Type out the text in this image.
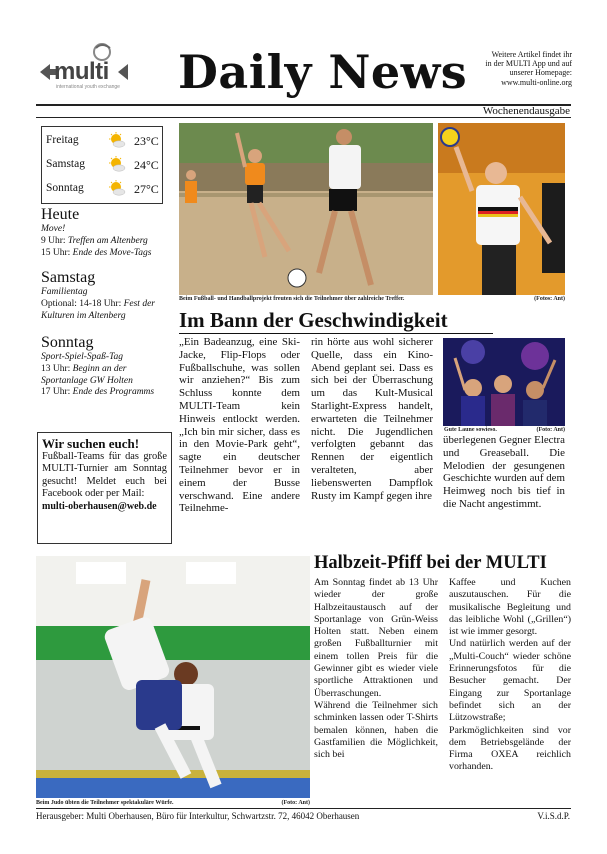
multi
international youth exchange Daily News	Weitere Artikel findet ihr
in der MULTI App und auf
unserer Homepage:
www.multi-online.org
Wochenendausgabe
Freitag	23°C
Samstag	24°C
Sonntag	27°C
Heute
Move!
9 Uhr: Treffen am Altenberg
15 Uhr: Ende des Move-Tags
Samstag
Familientag
Optional: 14-18 Uhr: Fest der Kulturen im Altenberg
Sonntag
Sport-Spiel-Spaß-Tag
13 Uhr: Beginn an der Sportanlage GW Holten
17 Uhr: Ende des Programms
Wir suchen euch!
Fußball-Teams für das große MULTI-Turnier am Sonntag gesucht! Meldet euch bei Facebook oder per Mail:
multi-oberhausen@web.de
Beim Fußball- und Handballprojekt freuten sich die Teilnehmer über zahlreiche Treffer.	(Fotos: Ant)
Im Bann der Geschwindigkeit
„Ein Badeanzug, eine Ski-Jacke, Flip-Flops oder Fußballschuhe, was sollen wir anziehen?“ Bis zum Schluss konnte dem MULTI-Team kein Hinweis entlockt werden. „Ich bin mir sicher, dass es in den Movie-Park geht“, sagte ein deutscher Teilnehmer bevor er in einem der Busse verschwand. Eine andere Teilnehme-
rin hörte aus wohl sicherer Quelle, dass ein Kino-Abend geplant sei. Dass es sich bei der Überraschung um das Kult-Musical Starlight-Express handelt, erwarteten die Teilnehmer nicht. Die Jugendlichen verfolgten gebannt das Rennen der eigentlich veralteten, aber liebenswerten Dampflok Rusty im Kampf gegen ihre
Gute Laune sowieso.	(Foto: Ant)
überlegenen Gegner Electra und Greaseball. Die Melodien der gesungenen Geschichte wurden auf dem Heimweg noch bis tief in die Nacht angestimmt.
Beim Judo übten die Teilnehmer spektakuläre Würfe.	(Foto: Ant)
Halbzeit-Pfiff bei der MULTI
Am Sonntag findet ab 13 Uhr wieder der große Halbzeitaustausch auf der Sportanlage von Grün-Weiss Holten statt. Neben einem großen Fußballturnier mit einem tollen Preis für die Gewinner gibt es wieder viele sportliche Attraktionen und Überraschungen.
Während die Teilnehmer sich schminken lassen oder T-Shirts bemalen können, haben die Gastfamilien die Möglichkeit, sich bei
Kaffee und Kuchen auszutauschen. Für die musikalische Begleitung und das leibliche Wohl („Grillen“) ist wie immer gesorgt.
Und natürlich werden auf der „Multi-Couch“ wieder schöne Erinnerungsfotos für die Besucher gemacht. Der Eingang zur Sportanlage befindet sich an der Lützowstraße; Parkmöglichkeiten sind vor dem Betriebsgelände der Firma OXEA reichlich vorhanden.
Herausgeber: Multi Oberhausen, Büro für Interkultur, Schwartzstr. 72, 46042 Oberhausen	V.i.S.d.P.
